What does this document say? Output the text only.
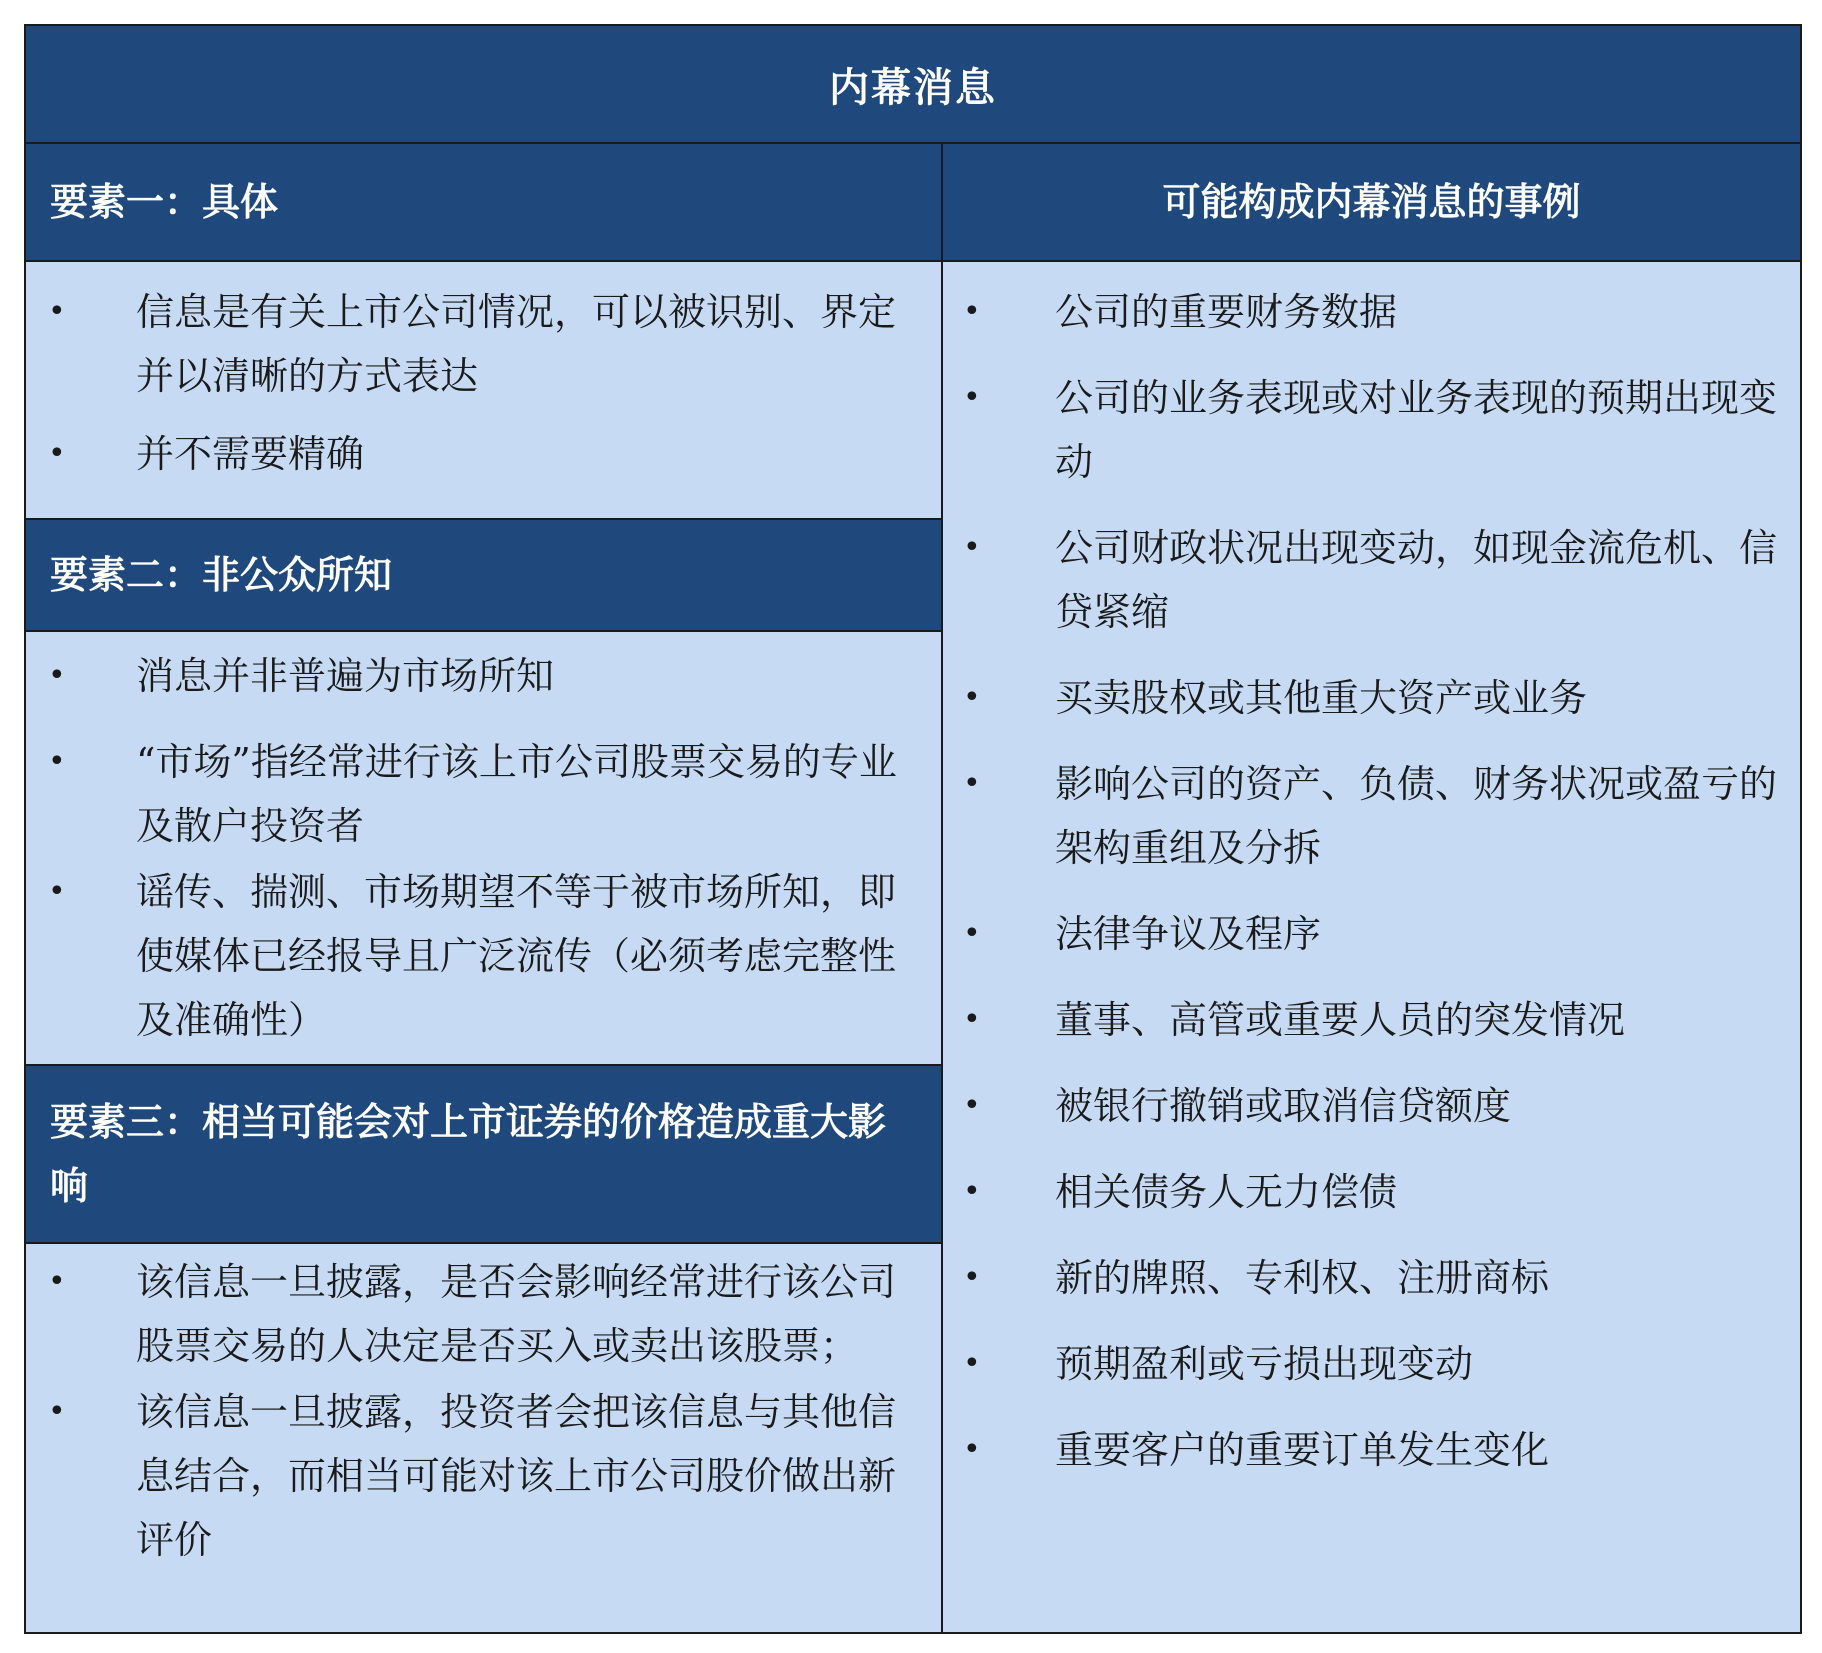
内幕消息
要素一：具体
• 信息是有关上市公司情况，可以被识别、界定并以清晰的方式表达
• 并不需要精确
要素二：非公众所知
• 消息并非普遍为市场所知
• “市场”指经常进行该上市公司股票交易的专业及散户投资者
• 谣传、揣测、市场期望不等于被市场所知，即使媒体已经报导且广泛流传（必须考虑完整性及准确性）
要素三：相当可能会对上市证券的价格造成重大影响
• 该信息一旦披露，是否会影响经常进行该公司股票交易的人决定是否买入或卖出该股票；
• 该信息一旦披露，投资者会把该信息与其他信息结合，而相当可能对该上市公司股价做出新评价
可能构成内幕消息的事例
• 公司的重要财务数据
• 公司的业务表现或对业务表现的预期出现变动
• 公司财政状况出现变动，如现金流危机、信贷紧缩
• 买卖股权或其他重大资产或业务
• 影响公司的资产、负债、财务状况或盈亏的架构重组及分拆
• 法律争议及程序
• 董事、高管或重要人员的突发情况
• 被银行撤销或取消信贷额度
• 相关债务人无力偿债
• 新的牌照、专利权、注册商标
• 预期盈利或亏损出现变动
• 重要客户的重要订单发生变化
